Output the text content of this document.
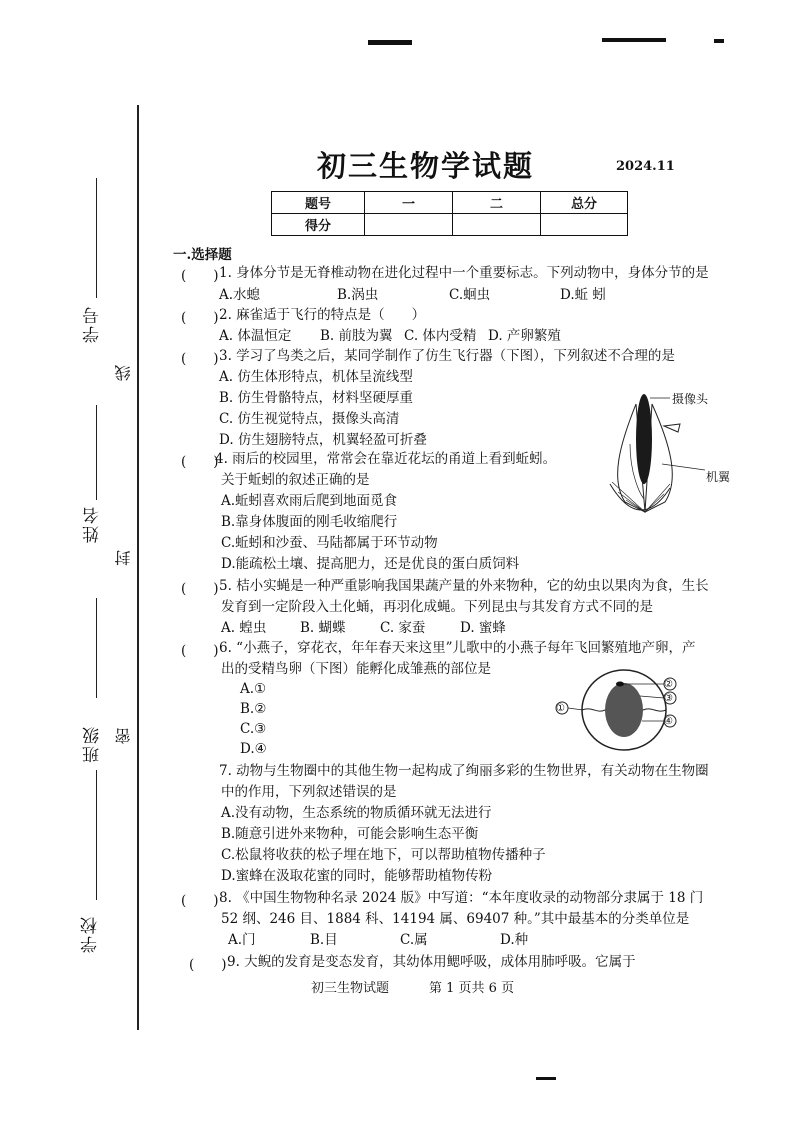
学号
姓名
班级
学校
线
封
密
初三生物学试题	2024.11
题号	一	二	总分
得分			
一.选择题
(　　) 1. 身体分节是无脊椎动物在进化过程中一个重要标志。下列动物中，身体分节的是
A.水螅	B.涡虫	C.蛔虫	D.蚯 蚓
(　　) 2. 麻雀适于飞行的特点是（　　）
A. 体温恒定 B. 前肢为翼 C. 体内受精 D. 产卵繁殖
(　　) 3. 学习了鸟类之后，某同学制作了仿生飞行器（下图），下列叙述不合理的是
A. 仿生体形特点，机体呈流线型
B. 仿生骨骼特点，材料坚硬厚重
C. 仿生视觉特点，摄像头高清
D. 仿生翅膀特点，机翼轻盈可折叠
摄像头
机翼
(　　)
4. 雨后的校园里，常常会在靠近花坛的甬道上看到蚯蚓。
关于蚯蚓的叙述正确的是
A.蚯蚓喜欢雨后爬到地面觅食
B.靠身体腹面的刚毛收缩爬行
C.蚯蚓和沙蚕、马陆都属于环节动物
D.能疏松土壤、提高肥力，还是优良的蛋白质饲料
(　　) 5. 桔小实蝇是一种严重影响我国果蔬产量的外来物种，它的幼虫以果肉为食，生长
发育到一定阶段入土化蛹，再羽化成蝇。下列昆虫与其发育方式不同的是
A. 蝗虫 B. 蝴蝶	C. 家蚕	D. 蜜蜂
(　　) 6. “小燕子，穿花衣，年年春天来这里”儿歌中的小燕子每年飞回繁殖地产卵，产
出的受精鸟卵（下图）能孵化成雏燕的部位是
A.①
B.②
C.③
D.④
①
②
③
④
7. 动物与生物圈中的其他生物一起构成了绚丽多彩的生物世界，有关动物在生物圈
中的作用，下列叙述错误的是
A.没有动物，生态系统的物质循环就无法进行
B.随意引进外来物种，可能会影响生态平衡
C.松鼠将收获的松子埋在地下，可以帮助植物传播种子
D.蜜蜂在汲取花蜜的同时，能够帮助植物传粉
(　　) 8. 《中国生物物种名录 2024 版》中写道：“本年度收录的动物部分隶属于 18 门
52 纲、246 目、1884 科、14194 属、69407 种。”其中最基本的分类单位是
A.门	B.目	C.属	D.种
(　　) 9. 大鲵的发育是变态发育，其幼体用鳃呼吸，成体用肺呼吸。它属于
初三生物试题	第 1 页共 6 页
